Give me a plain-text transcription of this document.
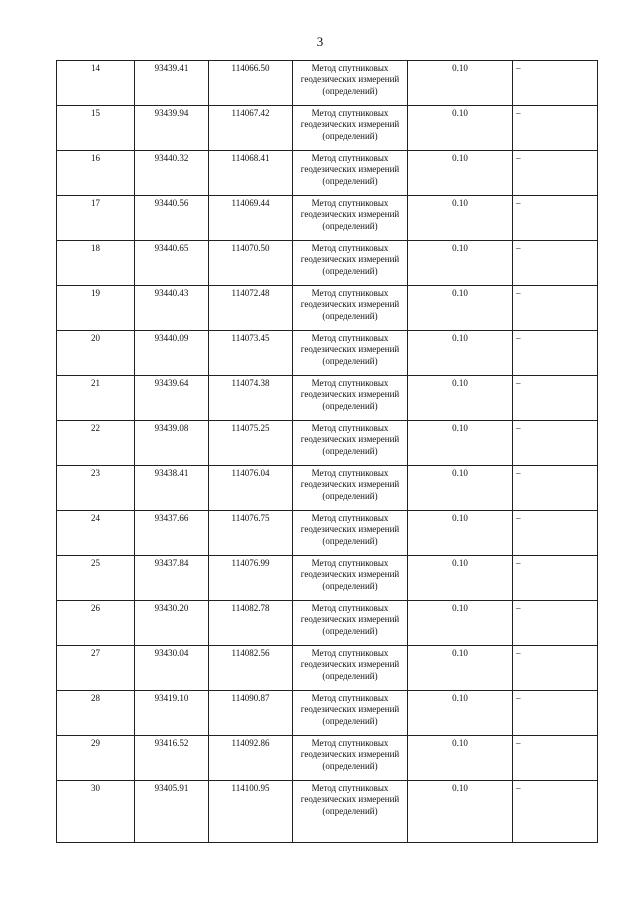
3
14	93439.41	114066.50	Метод спутниковых геодезических измерений (определений)	0.10	–
15	93439.94	114067.42	Метод спутниковых геодезических измерений (определений)	0.10	–
16	93440.32	114068.41	Метод спутниковых геодезических измерений (определений)	0.10	–
17	93440.56	114069.44	Метод спутниковых геодезических измерений (определений)	0.10	–
18	93440.65	114070.50	Метод спутниковых геодезических измерений (определений)	0.10	–
19	93440.43	114072.48	Метод спутниковых геодезических измерений (определений)	0.10	–
20	93440.09	114073.45	Метод спутниковых геодезических измерений (определений)	0.10	–
21	93439.64	114074.38	Метод спутниковых геодезических измерений (определений)	0.10	–
22	93439.08	114075.25	Метод спутниковых геодезических измерений (определений)	0.10	–
23	93438.41	114076.04	Метод спутниковых геодезических измерений (определений)	0.10	–
24	93437.66	114076.75	Метод спутниковых геодезических измерений (определений)	0.10	–
25	93437.84	114076.99	Метод спутниковых геодезических измерений (определений)	0.10	–
26	93430.20	114082.78	Метод спутниковых геодезических измерений (определений)	0.10	–
27	93430.04	114082.56	Метод спутниковых геодезических измерений (определений)	0.10	–
28	93419.10	114090.87	Метод спутниковых геодезических измерений (определений)	0.10	–
29	93416.52	114092.86	Метод спутниковых геодезических измерений (определений)	0.10	–
30	93405.91	114100.95	Метод спутниковых геодезических измерений (определений)	0.10	–
